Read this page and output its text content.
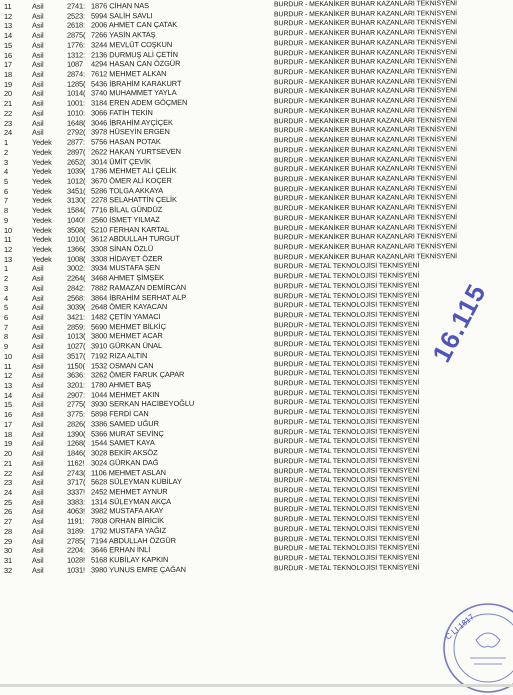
11	Asil	2741: 1876 CİHAN NAS	BURDUR - MEKANİKER BUHAR KAZANLARI TEKNİSYENİ
12	Asil	2523: 5994 SALİH SAVLI	BURDUR - MEKANİKER BUHAR KAZANLARI TEKNİSYENİ
13	Asil	2618: 2006 AHMET CAN ÇATAK	BURDUR - MEKANİKER BUHAR KAZANLARI TEKNİSYENİ
14	Asil	2875( 7266 YASİN AKTAŞ	BURDUR - MEKANİKER BUHAR KAZANLARI TEKNİSYENİ
15	Asil	1776: 3244 MEVLÜT COŞKUN	BURDUR - MEKANİKER BUHAR KAZANLARI TEKNİSYENİ
16	Asil	1312: 2136 DURMUŞ ALİ ÇETİN	BURDUR - MEKANİKER BUHAR KAZANLARI TEKNİSYENİ
17	Asil	1087	4294 HASAN CAN ÖZGÜR	BURDUR - MEKANİKER BUHAR KAZANLARI TEKNİSYENİ
18	Asil	2874: 7612 MEHMET ALKAN	BURDUR - MEKANİKER BUHAR KAZANLARI TEKNİSYENİ
19	Asil	1285( 5436 İBRAHİM KARAKURT	BURDUR - MEKANİKER BUHAR KAZANLARI TEKNİSYENİ
20	Asil	1014( 3740 MUHAMMET YAYLA	BURDUR - MEKANİKER BUHAR KAZANLARI TEKNİSYENİ
21	Asil	1001: 3184 EREN ADEM GÖÇMEN	BURDUR - MEKANİKER BUHAR KAZANLARI TEKNİSYENİ
22	Asil	1010: 3066 FATİH TEKİN	BURDUR - MEKANİKER BUHAR KAZANLARI TEKNİSYENİ
23	Asil	1648( 3046 İBRAHİM AYÇİÇEK	BURDUR - MEKANİKER BUHAR KAZANLARI TEKNİSYENİ
24	Asil	2792( 3978 HÜSEYİN ERGEN	BURDUR - MEKANİKER BUHAR KAZANLARI TEKNİSYENİ
1	Yedek	2877: 5756 HASAN POTAK	BURDUR - MEKANİKER BUHAR KAZANLARI TEKNİSYENİ
2	Yedek	2897( 2622 HAKAN YURTSEVEN	BURDUR - MEKANİKER BUHAR KAZANLARI TEKNİSYENİ
3	Yedek	2652( 3014 ÜMİT ÇEVİK	BURDUR - MEKANİKER BUHAR KAZANLARI TEKNİSYENİ
4	Yedek	1039( 1786 MEHMET ALİ ÇELİK	BURDUR - MEKANİKER BUHAR KAZANLARI TEKNİSYENİ
5	Yedek	1012( 3670 ÖMER ALİ KOÇER	BURDUR - MEKANİKER BUHAR KAZANLARI TEKNİSYENİ
6	Yedek	3451( 5286 TOLGA AKKAYA	BURDUR - MEKANİKER BUHAR KAZANLARI TEKNİSYENİ
7	Yedek	3130( 2278 SELAHATTİN ÇELİK	BURDUR - MEKANİKER BUHAR KAZANLARI TEKNİSYENİ
8	Yedek	1584( 7716 BİLAL GÜNDÜZ	BURDUR - MEKANİKER BUHAR KAZANLARI TEKNİSYENİ
9	Yedek	1040! 2560 İSMET YILMAZ	BURDUR - MEKANİKER BUHAR KAZANLARI TEKNİSYENİ
10	Yedek	3508( 5210 FERHAN KARTAL	BURDUR - MEKANİKER BUHAR KAZANLARI TEKNİSYENİ
11	Yedek	1010( 3612 ABDULLAH TURGUT	BURDUR - MEKANİKER BUHAR KAZANLARI TEKNİSYENİ
12	Yedek	1366( 3308 SİNAN ÖZLÜ	BURDUR - MEKANİKER BUHAR KAZANLARI TEKNİSYENİ
13	Yedek	1008( 3308 HİDAYET ÖZER	BURDUR - MEKANİKER BUHAR KAZANLARI TEKNİSYENİ
1	Asil	3002: 3934 MUSTAFA ŞEN	BURDUR - METAL TEKNOLOJİSİ TEKNİSYENİ
2	Asil	2264( 3468 AHMET ŞİMŞEK	BURDUR - METAL TEKNOLOJİSİ TEKNİSYENİ
3	Asil	2842: 7882 RAMAZAN DEMİRCAN	BURDUR - METAL TEKNOLOJİSİ TEKNİSYENİ
4	Asil	2568: 3864 İBRAHİM SERHAT ALP	BURDUR - METAL TEKNOLOJİSİ TEKNİSYENİ
5	Asil	3039( 2648 ÖMER KAYACAN	BURDUR - METAL TEKNOLOJİSİ TEKNİSYENİ
6	Asil	3421: 1482 ÇETİN YAMACI	BURDUR - METAL TEKNOLOJİSİ TEKNİSYENİ
7	Asil	2859: 5690 MEHMET BİLKİÇ	BURDUR - METAL TEKNOLOJİSİ TEKNİSYENİ
8	Asil	1013( 3800 MEHMET ACAR	BURDUR - METAL TEKNOLOJİSİ TEKNİSYENİ
9	Asil	1027( 3910 GÜRKAN ÜNAL	BURDUR - METAL TEKNOLOJİSİ TEKNİSYENİ
10	Asil	3517( 7192 RIZA ALTIN	BURDUR - METAL TEKNOLOJİSİ TEKNİSYENİ
11	Asil	1150( 1532 OSMAN CAN	BURDUR - METAL TEKNOLOJİSİ TEKNİSYENİ
12	Asil	3636: 3262 ÖMER FARUK ÇAPAR	BURDUR - METAL TEKNOLOJİSİ TEKNİSYENİ
13	Asil	3201: 1780 AHMET BAŞ	BURDUR - METAL TEKNOLOJİSİ TEKNİSYENİ
14	Asil	2907: 1044 MEHMET AKIN	BURDUR - METAL TEKNOLOJİSİ TEKNİSYENİ
15	Asil	2775( 3930 SERKAN HACIBEYOĞLU	BURDUR - METAL TEKNOLOJİSİ TEKNİSYENİ
16	Asil	3775: 5898 FERDİ CAN	BURDUR - METAL TEKNOLOJİSİ TEKNİSYENİ
17	Asil	2826( 3386 SAMED UĞUR	BURDUR - METAL TEKNOLOJİSİ TEKNİSYENİ
18	Asil	1390( 5366 MURAT SEVİNÇ	BURDUR - METAL TEKNOLOJİSİ TEKNİSYENİ
19	Asil	1268( 1544 SAMET KAYA	BURDUR - METAL TEKNOLOJİSİ TEKNİSYENİ
20	Asil	1846( 3028 BEKİR AKSÖZ	BURDUR - METAL TEKNOLOJİSİ TEKNİSYENİ
21	Asil	1162! 3024 GÜRKAN DAĞ	BURDUR - METAL TEKNOLOJİSİ TEKNİSYENİ
22	Asil	2743( 1106 MEHMET ASLAN	BURDUR - METAL TEKNOLOJİSİ TEKNİSYENİ
23	Asil	3717( 5628 SÜLEYMAN KUBİLAY	BURDUR - METAL TEKNOLOJİSİ TEKNİSYENİ
24	Asil	3337! 2452 MEHMET AYNUR	BURDUR - METAL TEKNOLOJİSİ TEKNİSYENİ
25	Asil	3383: 1314 SÜLEYMAN AKÇA	BURDUR - METAL TEKNOLOJİSİ TEKNİSYENİ
26	Asil	4063! 3982 MUSTAFA AKAY	BURDUR - METAL TEKNOLOJİSİ TEKNİSYENİ
27	Asil	1191: 7808 ORHAN BİRİCİK	BURDUR - METAL TEKNOLOJİSİ TEKNİSYENİ
28	Asil	3189: 1792 MUSTAFA YAĞIZ	BURDUR - METAL TEKNOLOJİSİ TEKNİSYENİ
29	Asil	2785( 7194 ABDULLAH ÖZGÜR	BURDUR - METAL TEKNOLOJİSİ TEKNİSYENİ
30	Asil	2204: 3646 ERHAN İNLİ	BURDUR - METAL TEKNOLOJİSİ TEKNİSYENİ
31	Asil	1028! 5168 KUBİLAY KAPKIN	BURDUR - METAL TEKNOLOJİSİ TEKNİSYENİ
32	Asil	1031! 3980 YUNUS EMRE ÇAĞAN	BURDUR - METAL TEKNOLOJİSİ TEKNİSYENİ
16.115
C LI 1817
